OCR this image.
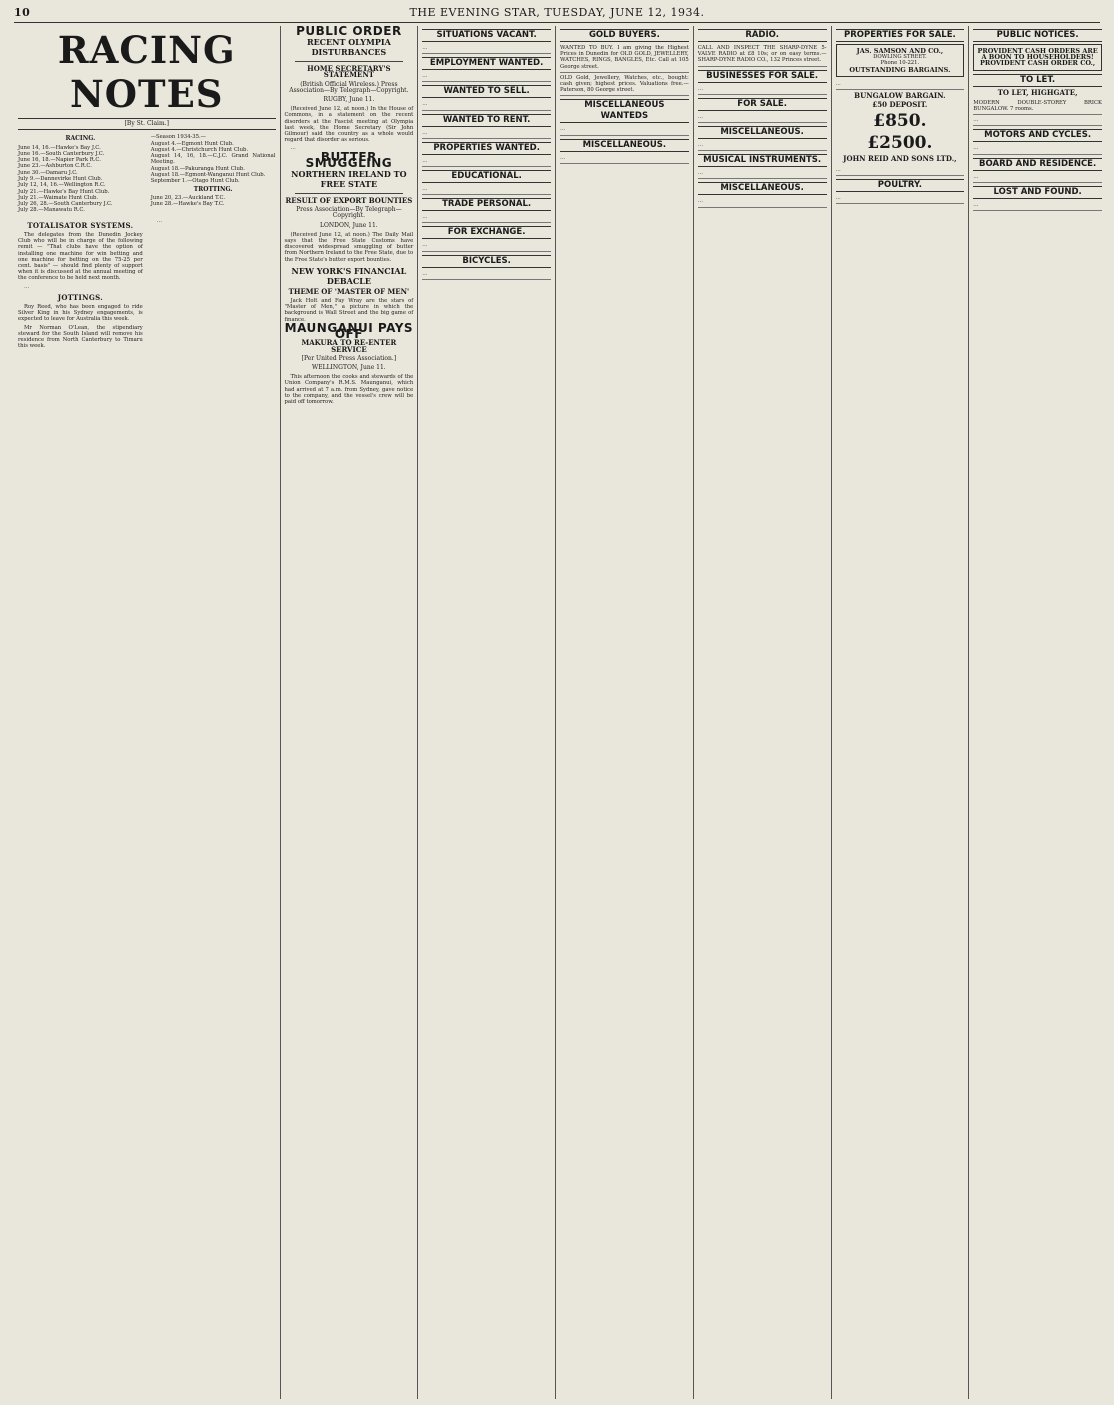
10	THE EVENING STAR, TUESDAY, JUNE 12, 1934.
RACING NOTES
[By St. Claim.]
RACING.
June 14, 16.—Hawke's Bay J.C.
June 16.—South Canterbury J.C.
June 16, 18.—Napier Park R.C.
June 23.—Ashburton C.R.C.
June 30.—Oamaru J.C.
July 9.—Dannevirke Hunt Club.
July 12, 14, 16.—Wellington R.C.
July 21.—Hawke's Bay Hunt Club.
July 21.—Waimate Hunt Club.
July 26, 28.—South Canterbury J.C.
July 28.—Manawatu R.C.
—Season 1934-35.—
August 4.—Egmont Hunt Club.
August 4.—Christchurch Hunt Club.
August 14, 16, 18.—C.J.C. Grand National Meeting.
August 18.—Pakuranga Hunt Club.
August 18.—Egmont-Wanganui Hunt Club.
September 1.—Otago Hunt Club.
TROTTING.
June 20, 23.—Auckland T.C.
June 28.—Hawke's Bay T.C.
TOTALISATOR SYSTEMS.

The delegates from the Dunedin Jockey Club who will be in charge of the following remit — "That clubs have the option of installing one machine for win betting and one machine for betting on the 75-25 per cent. basis" — should find plenty of support when it is discussed at the annual meeting of the conference to be held next month.

…

JOTTINGS.

Roy Reed, who has been engaged to ride Silver King in his Sydney engagements, is expected to leave for Australia this week.

Mr Norman O'Lean, the stipendiary steward for the South Island will remove his residence from North Canterbury to Timaru this week.

…

PUBLIC ORDER
RECENT OLYMPIA DISTURBANCES
HOME SECRETARY'S STATEMENT
(British Official Wireless.) Press Association—By Telegraph—Copyright.
RUGBY, June 11.

(Received June 12, at noon.) In the House of Commons, in a statement on the recent disorders at the Fascist meeting at Olympia last week, the Home Secretary (Sir John Gilmour) said the country as a whole would regard that disorder as serious.

…

BUTTER SMUGGLING
NORTHERN IRELAND TO FREE STATE
RESULT OF EXPORT BOUNTIES
Press Association—By Telegraph—Copyright.
LONDON, June 11.

(Received June 12, at noon.) The Daily Mail says that the Free State Customs have discovered widespread smuggling of butter from Northern Ireland to the Free State, due to the Free State's butter export bounties.

NEW YORK'S FINANCIAL DEBACLE
THEME OF 'MASTER OF MEN'

Jack Holt and Fay Wray are the stars of "Master of Men," a picture in which the background is Wall Street and the big game of finance.

MAUNGANUI PAYS OFF
MAKURA TO RE-ENTER SERVICE
[Per United Press Association.]
WELLINGTON, June 11.

This afternoon the cooks and stewards of the Union Company's R.M.S. Maunganui, which had arrived at 7 a.m. from Sydney, gave notice to the company, and the vessel's crew will be paid off tomorrow.

SITUATIONS VACANT.
…
EMPLOYMENT WANTED.
…
WANTED TO SELL.
…
WANTED TO RENT.
…
PROPERTIES WANTED.
…
EDUCATIONAL.
…
TRADE PERSONAL.
…
FOR EXCHANGE.
…
BICYCLES.
…
GOLD BUYERS.
WANTED TO BUY. I am giving the Highest Prices in Dunedin for OLD GOLD, JEWELLERY, WATCHES, RINGS, BANGLES, Etc. Call at 105 George street.
OLD Gold, Jewellery, Watches, etc., bought: cash given; highest prices. Valuations free.—Paterson, 80 George street.
MISCELLANEOUS WANTEDS
…
MISCELLANEOUS.
…
RADIO.
CALL AND INSPECT THE SHARP-DYNE 5-VALVE RADIO at £8 10s; or on easy terms.—SHARP-DYNE RADIO CO., 132 Princes street.
BUSINESSES FOR SALE.
…
FOR SALE.
…
MISCELLANEOUS.
…
MUSICAL INSTRUMENTS.
…
MISCELLANEOUS.
…
PROPERTIES FOR SALE.
JAS. SAMSON AND CO.,
DOWLING STREET.
Phone 10-221.
OUTSTANDING BARGAINS.
…
BUNGALOW BARGAIN.
£50 DEPOSIT.
£850.
£2500.
JOHN REID AND SONS LTD.,
…
POULTRY.
…
PUBLIC NOTICES.
PROVIDENT CASH ORDERS ARE A BOON TO HOUSEHOLDERS!
PROVIDENT CASH ORDER CO.,
TO LET.
TO LET, HIGHGATE,
MODERN DOUBLE-STOREY BRICK BUNGALOW. 7 rooms.
…
MOTORS AND CYCLES.
…
BOARD AND RESIDENCE.
…
LOST AND FOUND.
…
